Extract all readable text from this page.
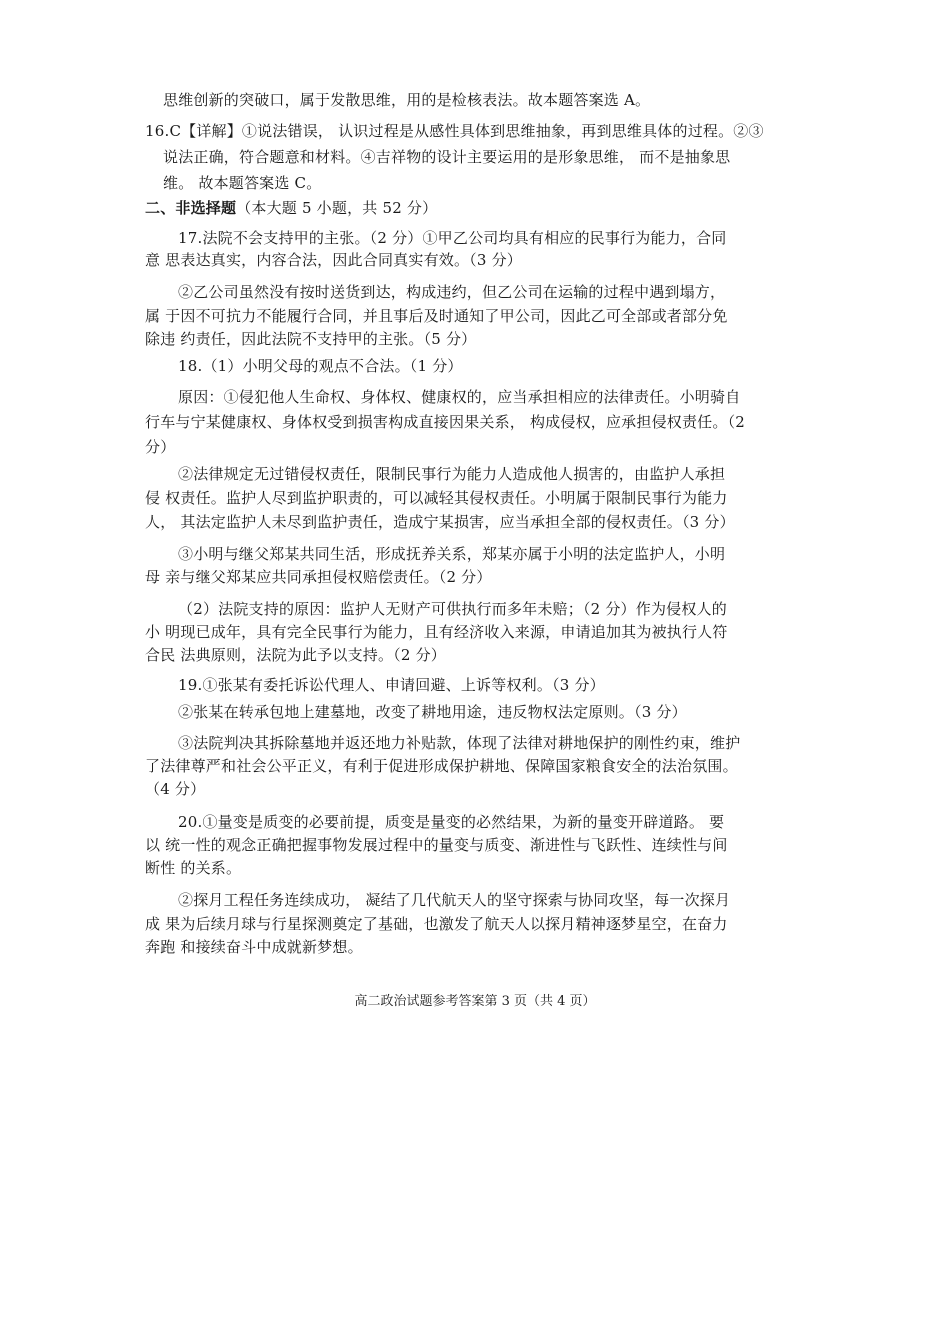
思维创新的突破口，属于发散思维，用的是检核表法。故本题答案选 A。
16.C【详解】①说法错误， 认识过程是从感性具体到思维抽象，再到思维具体的过程。②③
说法正确，符合题意和材料。④吉祥物的设计主要运用的是形象思维， 而不是抽象思
维。 故本题答案选 C。
二、非选择题（本大题 5 小题，共 52 分）
17.法院不会支持甲的主张。（2 分）①甲乙公司均具有相应的民事行为能力，合同
意 思表达真实，内容合法，因此合同真实有效。（3 分）
②乙公司虽然没有按时送货到达，构成违约，但乙公司在运输的过程中遇到塌方，
属 于因不可抗力不能履行合同，并且事后及时通知了甲公司，因此乙可全部或者部分免
除违 约责任，因此法院不支持甲的主张。（5 分）
18.（1）小明父母的观点不合法。（1 分）
原因：①侵犯他人生命权、身体权、健康权的，应当承担相应的法律责任。小明骑自
行车与宁某健康权、身体权受到损害构成直接因果关系， 构成侵权，应承担侵权责任。（2
分）
②法律规定无过错侵权责任，限制民事行为能力人造成他人损害的，由监护人承担
侵 权责任。监护人尽到监护职责的，可以减轻其侵权责任。小明属于限制民事行为能力
人， 其法定监护人未尽到监护责任，造成宁某损害，应当承担全部的侵权责任。（3 分）
③小明与继父郑某共同生活，形成抚养关系，郑某亦属于小明的法定监护人，小明
母 亲与继父郑某应共同承担侵权赔偿责任。（2 分）
（2）法院支持的原因：监护人无财产可供执行而多年未赔；（2 分）作为侵权人的
小 明现已成年，具有完全民事行为能力，且有经济收入来源，申请追加其为被执行人符
合民 法典原则，法院为此予以支持。（2 分）
19.①张某有委托诉讼代理人、申请回避、上诉等权利。（3 分）
②张某在转承包地上建墓地，改变了耕地用途，违反物权法定原则。（3 分）
③法院判决其拆除墓地并返还地力补贴款，体现了法律对耕地保护的刚性约束，维护
了法律尊严和社会公平正义，有利于促进形成保护耕地、保障国家粮食安全的法治氛围。
（4 分）
20.①量变是质变的必要前提，质变是量变的必然结果，为新的量变开辟道路。 要
以 统一性的观念正确把握事物发展过程中的量变与质变、渐进性与飞跃性、连续性与间
断性 的关系。
②探月工程任务连续成功， 凝结了几代航天人的坚守探索与协同攻坚，每一次探月
成 果为后续月球与行星探测奠定了基础，也激发了航天人以探月精神逐梦星空，在奋力
奔跑 和接续奋斗中成就新梦想。
高二政治试题参考答案第 3 页（共 4 页）
